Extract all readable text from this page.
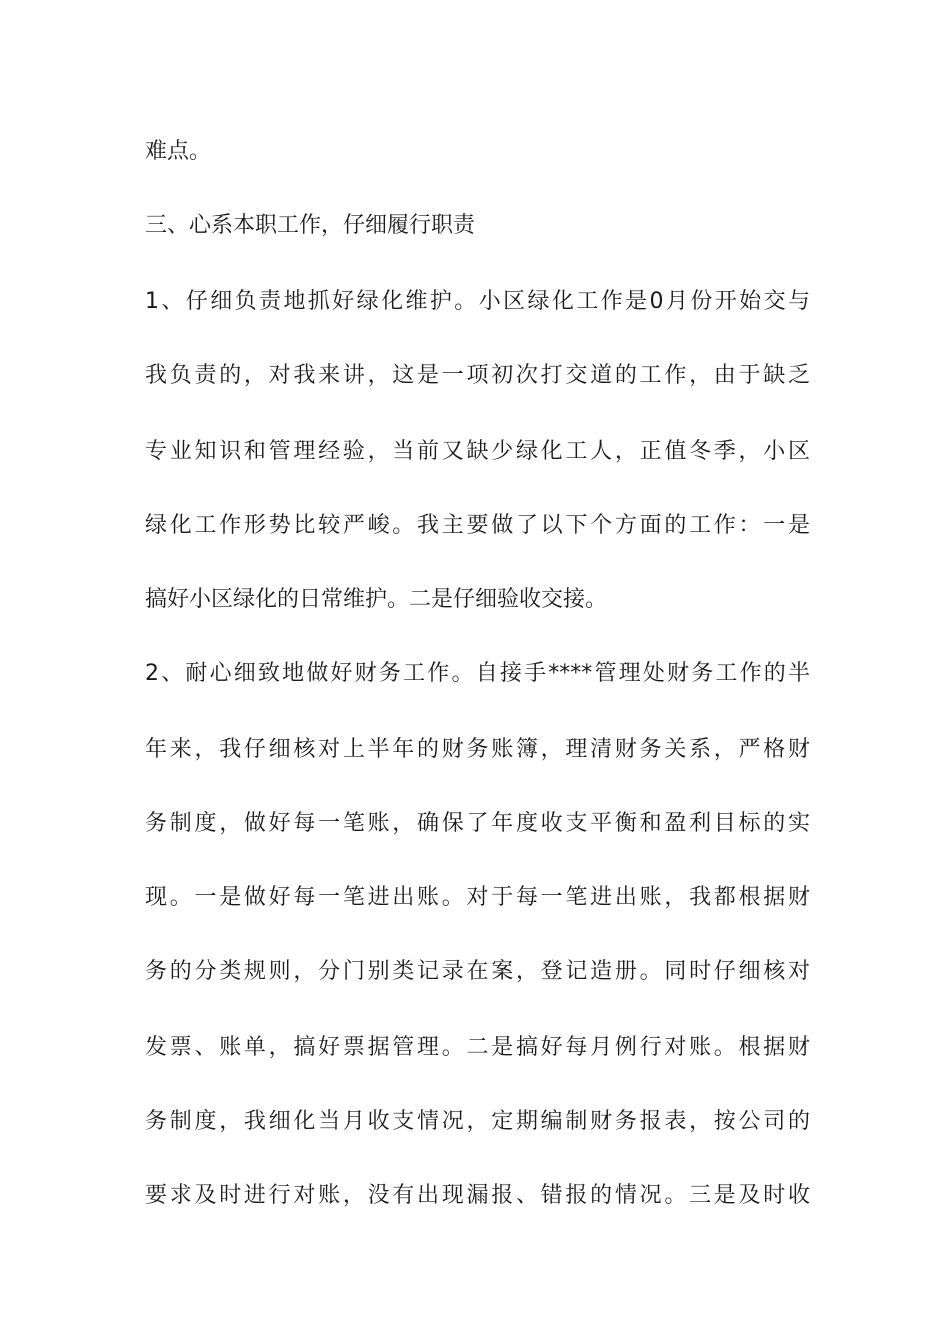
难点。
三、心系本职工作，仔细履行职责
1、仔细负责地抓好绿化维护。小区绿化工作是0月份开始交与
我负责的，对我来讲，这是一项初次打交道的工作，由于缺乏
专业知识和管理经验，当前又缺少绿化工人，正值冬季，小区
绿化工作形势比较严峻。我主要做了以下个方面的工作：一是
搞好小区绿化的日常维护。二是仔细验收交接。
2、耐心细致地做好财务工作。自接手****管理处财务工作的半
年来，我仔细核对上半年的财务账簿，理清财务关系，严格财
务制度，做好每一笔账，确保了年度收支平衡和盈利目标的实
现。一是做好每一笔进出账。对于每一笔进出账，我都根据财
务的分类规则，分门别类记录在案，登记造册。同时仔细核对
发票、账单，搞好票据管理。二是搞好每月例行对账。根据财
务制度，我细化当月收支情况，定期编制财务报表，按公司的
要求及时进行对账，没有出现漏报、错报的情况。三是及时收
